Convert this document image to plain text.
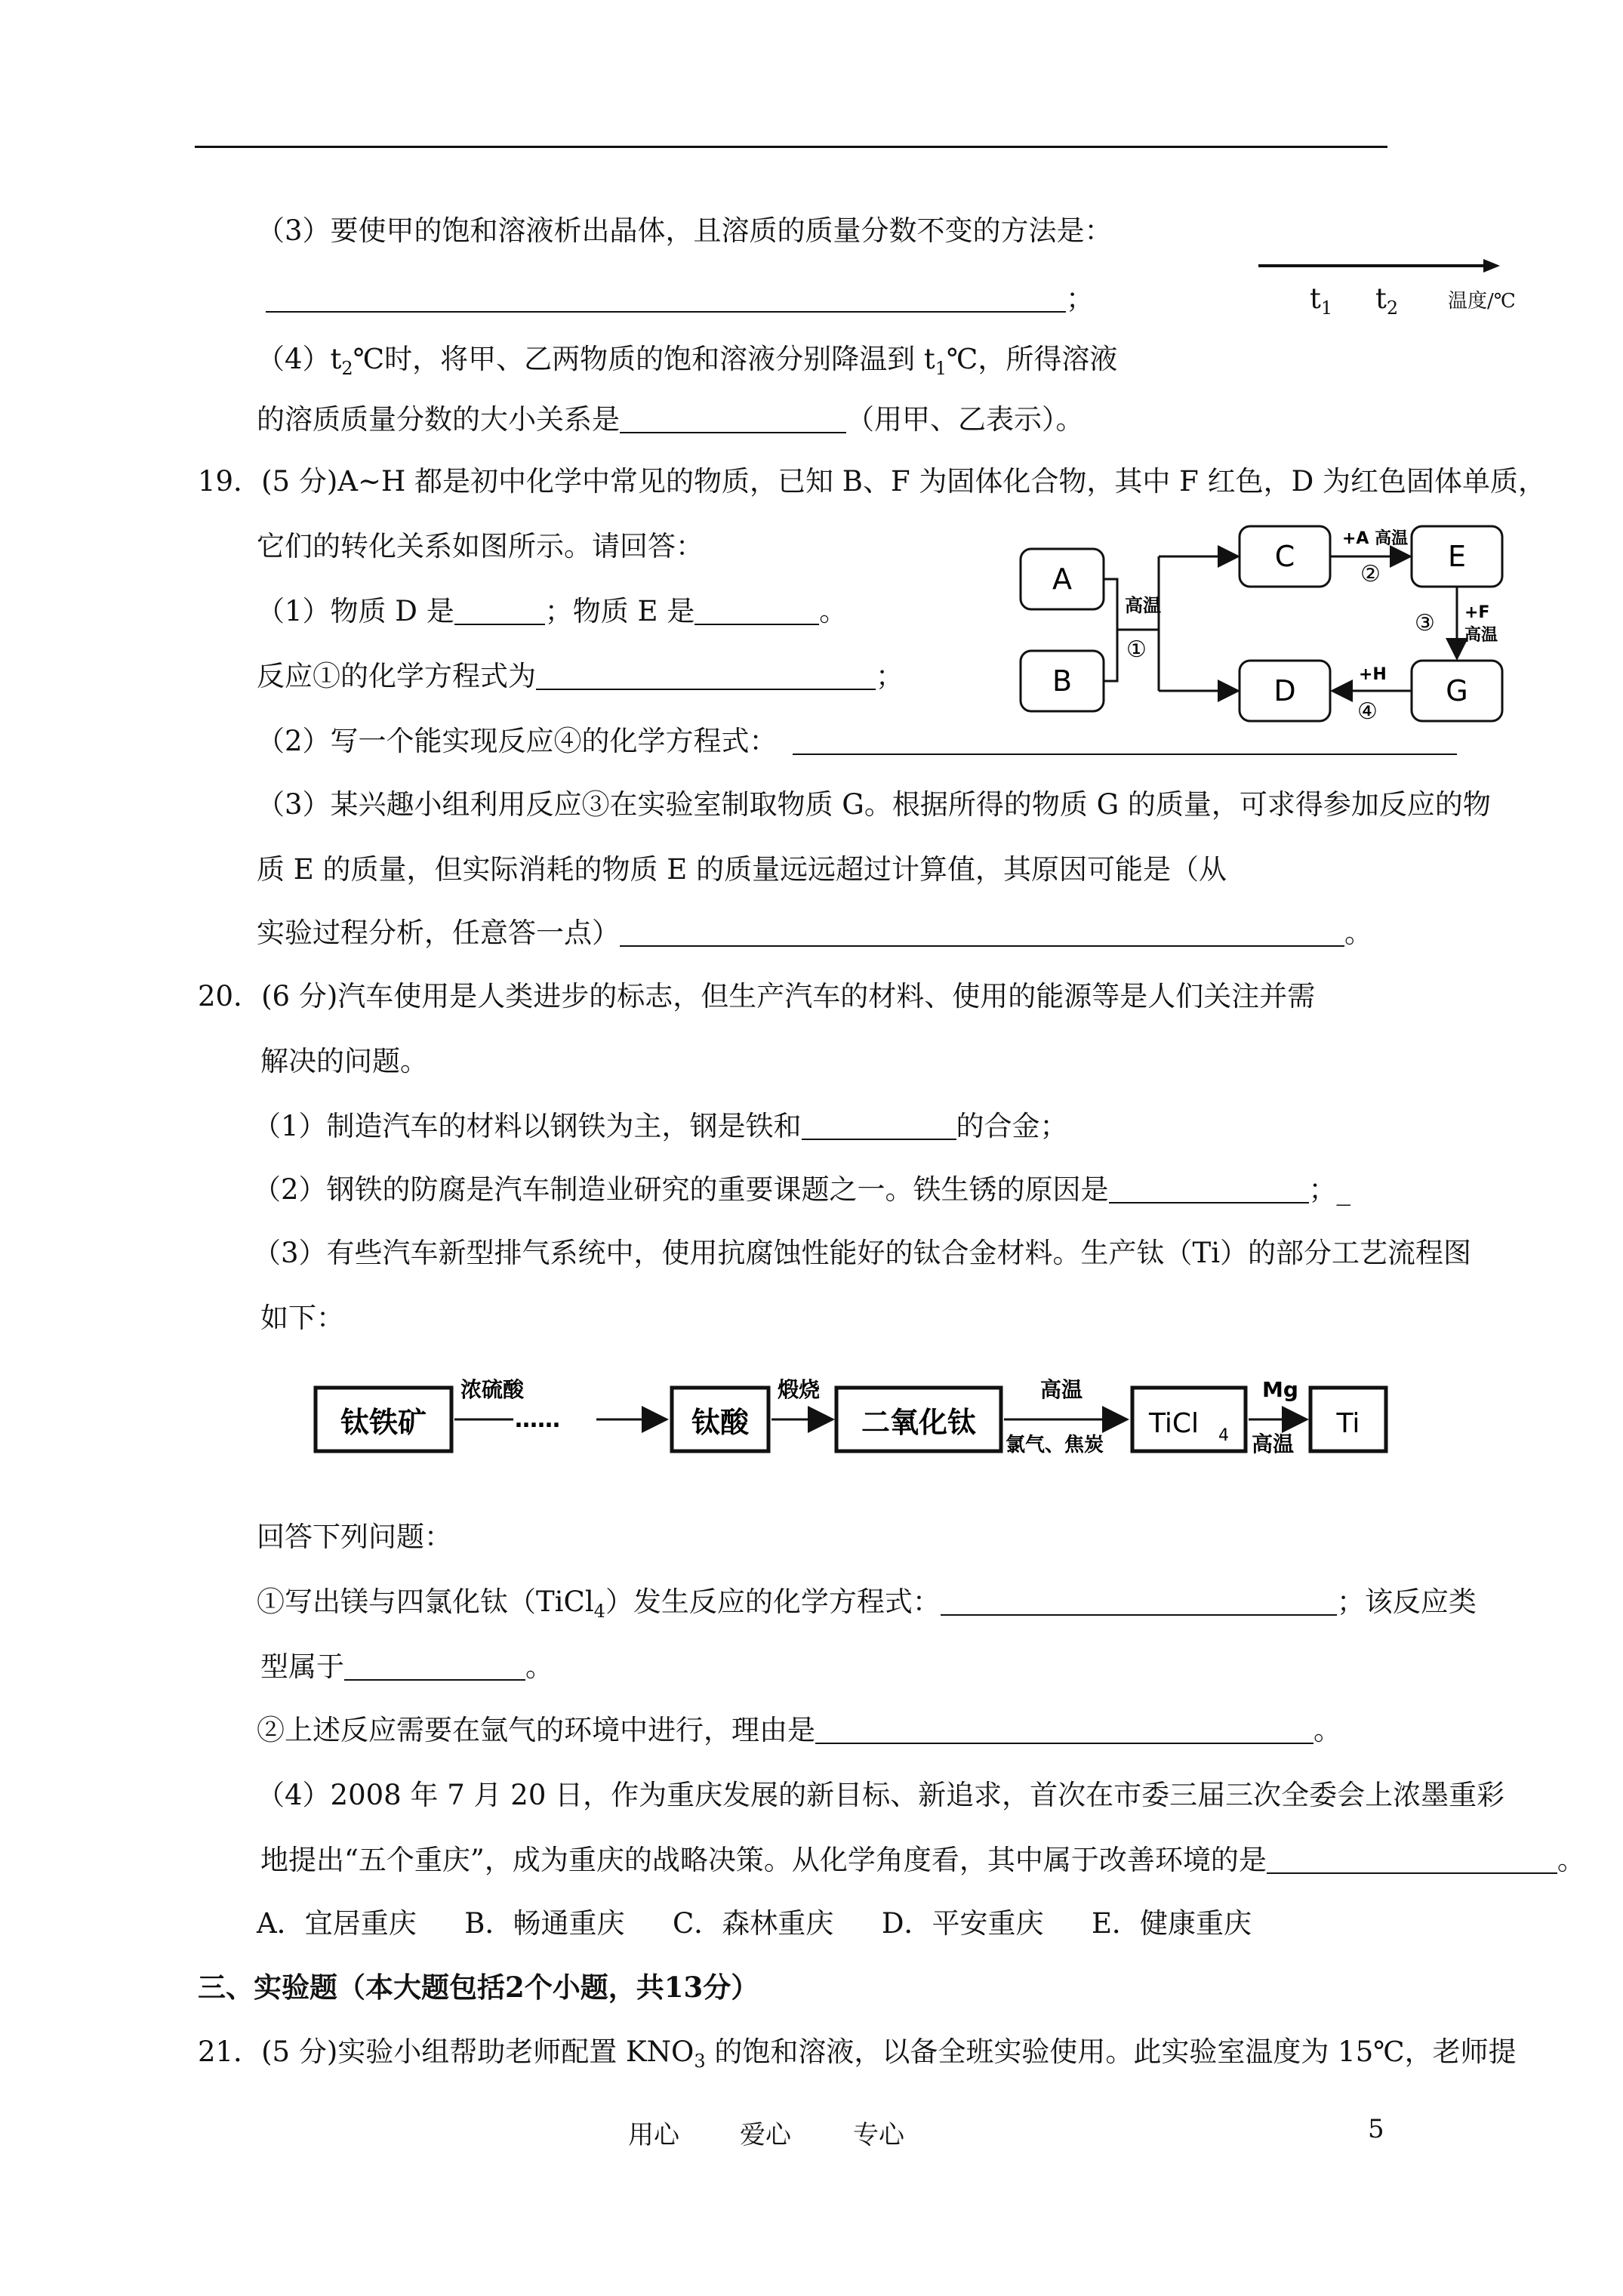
（3）要使甲的饱和溶液析出晶体，且溶质的质量分数不变的方法是：
；	$t_1$ $t_2$	温度/℃
$(4)t_2℃$时，将甲、乙两物质的饱和溶液分别降温到 $t_1℃$，所得溶液
的溶质质量分数的大小关系是	（用甲、乙表示）。
19．(5 分)A~H 都是初中化学中常见的物质，已知 B、F 为固体化合物，其中 F 红色，D 为红色固体单质，
它们的转化关系如图所示。请回答：
（1）物质 D 是	；物质 E 是	。
反应①的化学方程式为	；
（2）写一个能实现反应④的化学方程式：
（3）某兴趣小组利用反应③在实验室制取物质 G。根据所得的物质 G 的质量，可求得参加反应的物
质 E 的质量，但实际消耗的物质 E 的质量远远超过计算值，其原因可能是（从
实验过程分析，任意答一点）	。
A
B
高温
①
C
D
+A 高温
②
E
③ +F
高温
G
+H
④
20．(6 分)汽车使用是人类进步的标志，但生产汽车的材料、使用的能源等是人们关注并需
解决的问题。
（1）制造汽车的材料以钢铁为主，钢是铁和	的合金；
（2）钢铁的防腐是汽车制造业研究的重要课题之一。铁生锈的原因是	；_
（3）有些汽车新型排气系统中，使用抗腐蚀性能好的钛合金材料。生产钛（Ti）的部分工艺流程图
如下：
钛铁矿
浓硫酸
……	钛酸
煅烧
二氧化钛
高温
氯气、焦炭
TiCl 4
Mg
高温
Ti
回答下列问题：
①写出镁与四氯化钛（TiCl$_4$）发生反应的化学方程式：	；该反应类
型属于	。
②上述反应需要在氩气的环境中进行，理由是	。
（4）2008 年 7 月 20 日，作为重庆发展的新目标、新追求，首次在市委三届三次全委会上浓墨重彩
地提出“五个重庆”，成为重庆的战略决策。从化学角度看，其中属于改善环境的是	。
A．宜居重庆 B．畅通重庆 C．森林重庆 D．平安重庆 E．健康重庆
三、实验题（本大题包括2个小题，共13分）
21．(5 分)实验小组帮助老师配置 $KNO_3$ 的饱和溶液，以备全班实验使用。此实验室温度为 15℃，老师提
用心 爱心 专心	5
